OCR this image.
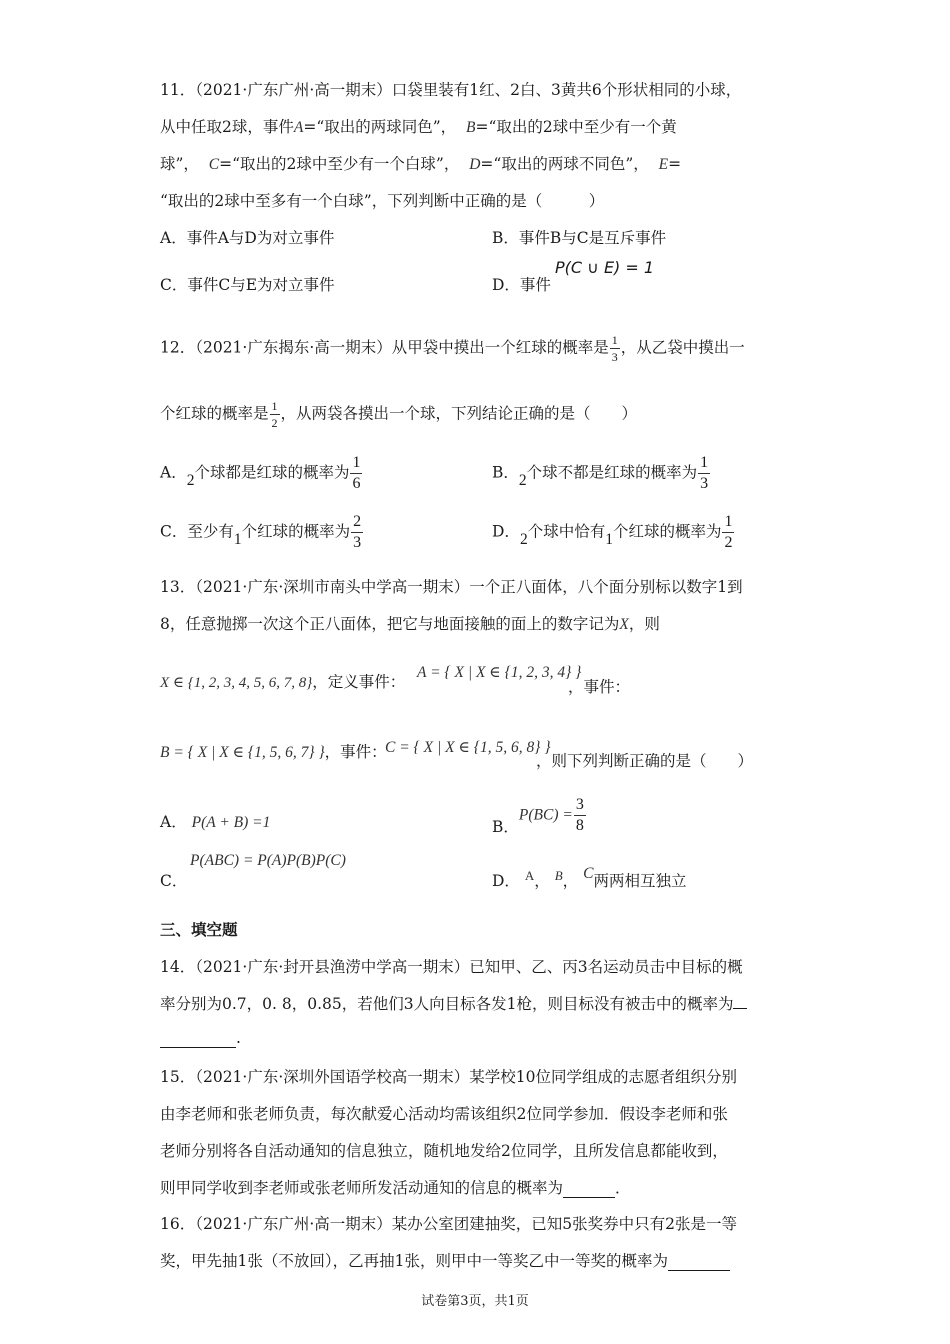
11．（2021·广东广州·高一期末）口袋里装有1红、2白、3黄共6个形状相同的小球，
从中任取2球，事件A=“取出的两球同色”， B=“取出的2球中至少有一个黄
球”， C=“取出的2球中至少有一个白球”， D=“取出的两球不同色”， E=
“取出的2球中至多有一个白球”，下列判断中正确的是（　　　）
A．事件A与D为对立事件	B．事件B与C是互斥事件
C．事件C与E为对立事件	D．事件
P(C ∪ E) = 1
12．（2021·广东揭东·高一期末）从甲袋中摸出一个红球的概率是 $\frac{1}{3}$ ，从乙袋中摸出一
个红球的概率是 $\frac{1}{2}$ ，从两袋各摸出一个球，下列结论正确的是（　　）
A．2个球都是红球的概率为 $\frac{1}{6}$	B．2个球不都是红球的概率为 $\frac{1}{3}$
C．至少有1个红球的概率为 $\frac{2}{3}$	D．2个球中恰有1个红球的概率为 $\frac{1}{2}$
13．（2021·广东·深圳市南头中学高一期末）一个正八面体，八个面分别标以数字1到
8，任意抛掷一次这个正八面体，把它与地面接触的面上的数字记为X，则
X ∈ {1, 2, 3, 4, 5, 6, 7, 8}，定义事件：
A = { X | X ∈ {1, 2, 3, 4} }
，事件：
B = { X | X ∈ {1, 5, 6, 7} }，事件：
C = { X | X ∈ {1, 5, 6, 8} }
，则下列判断正确的是（　　）
A． P(A + B) =1	B．$P(BC) = \frac{3}{8}$
C．
P(ABC) = P(A)P(B)P(C)
D． $^A$， $^B$， C两两相互独立
三、填空题
14．（2021·广东·封开县渔涝中学高一期末）已知甲、乙、丙3名运动员击中目标的概
率分别为0.7，0. 8，0.85，若他们3人向目标各发1枪，则目标没有被击中的概率为
.
15．（2021·广东·深圳外国语学校高一期末）某学校10位同学组成的志愿者组织分别
由李老师和张老师负责，每次献爱心活动均需该组织2位同学参加．假设李老师和张
老师分别将各自活动通知的信息独立，随机地发给2位同学，且所发信息都能收到，
则甲同学收到李老师或张老师所发活动通知的信息的概率为	．
16．（2021·广东广州·高一期末）某办公室团建抽奖，已知5张奖券中只有2张是一等
奖，甲先抽1张（不放回），乙再抽1张，则甲中一等奖乙中一等奖的概率为
试卷第3页，共1页
